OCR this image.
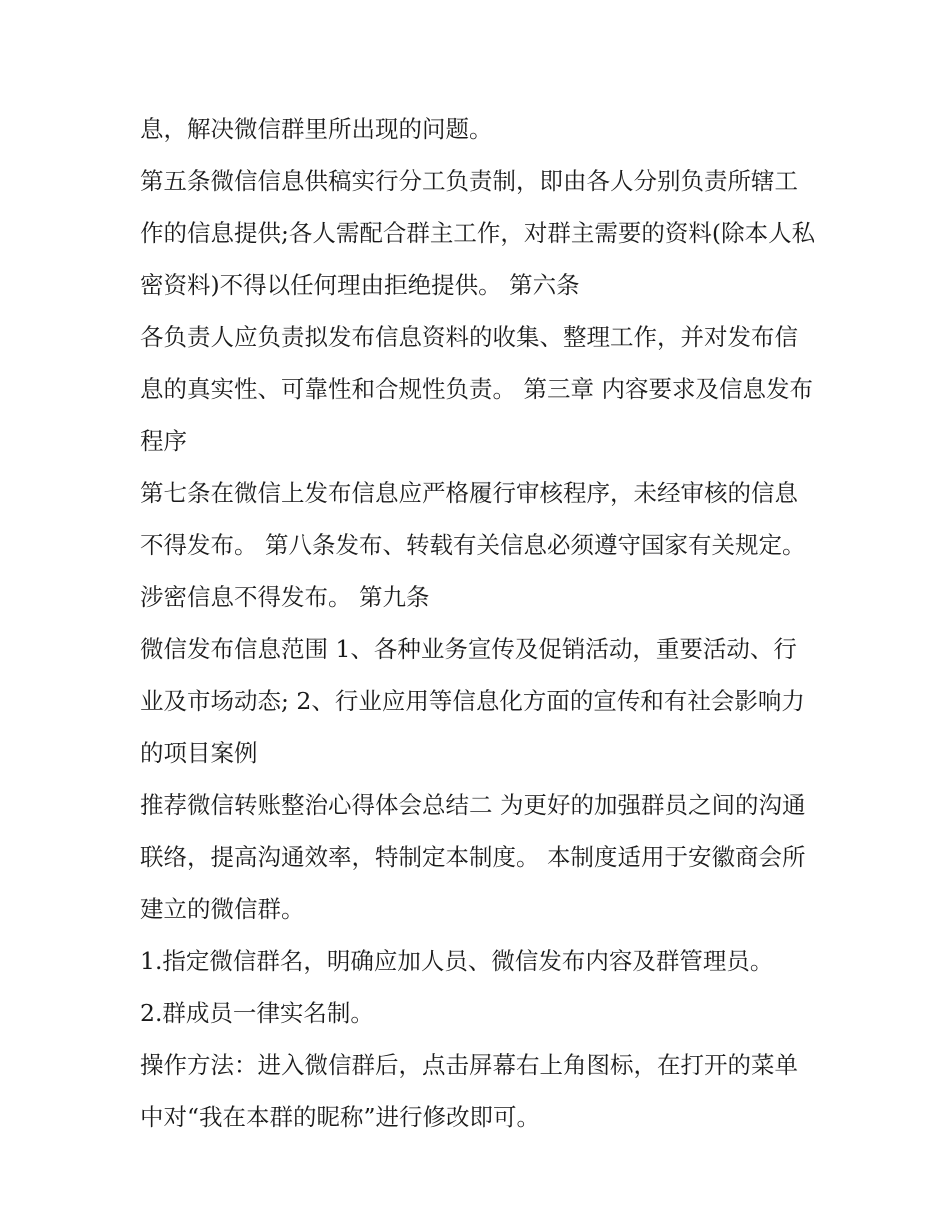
息，解决微信群里所出现的问题。

第五条微信信息供稿实行分工负责制，即由各人分别负责所辖工作的信息提供;各人需配合群主工作，对群主需要的资料(除本人私密资料)不得以任何理由拒绝提供。 第六条

各负责人应负责拟发布信息资料的收集、整理工作，并对发布信息的真实性、可靠性和合规性负责。 第三章 内容要求及信息发布程序

第七条在微信上发布信息应严格履行审核程序，未经审核的信息不得发布。 第八条发布、转载有关信息必须遵守国家有关规定。涉密信息不得发布。 第九条

微信发布信息范围 1、各种业务宣传及促销活动，重要活动、行业及市场动态; 2、行业应用等信息化方面的宣传和有社会影响力的项目案例

推荐微信转账整治心得体会总结二 为更好的加强群员之间的沟通联络，提高沟通效率，特制定本制度。 本制度适用于安徽商会所建立的微信群。

1.指定微信群名，明确应加人员、微信发布内容及群管理员。

2.群成员一律实名制。

操作方法：进入微信群后，点击屏幕右上角图标，在打开的菜单中对“我在本群的昵称”进行修改即可。
